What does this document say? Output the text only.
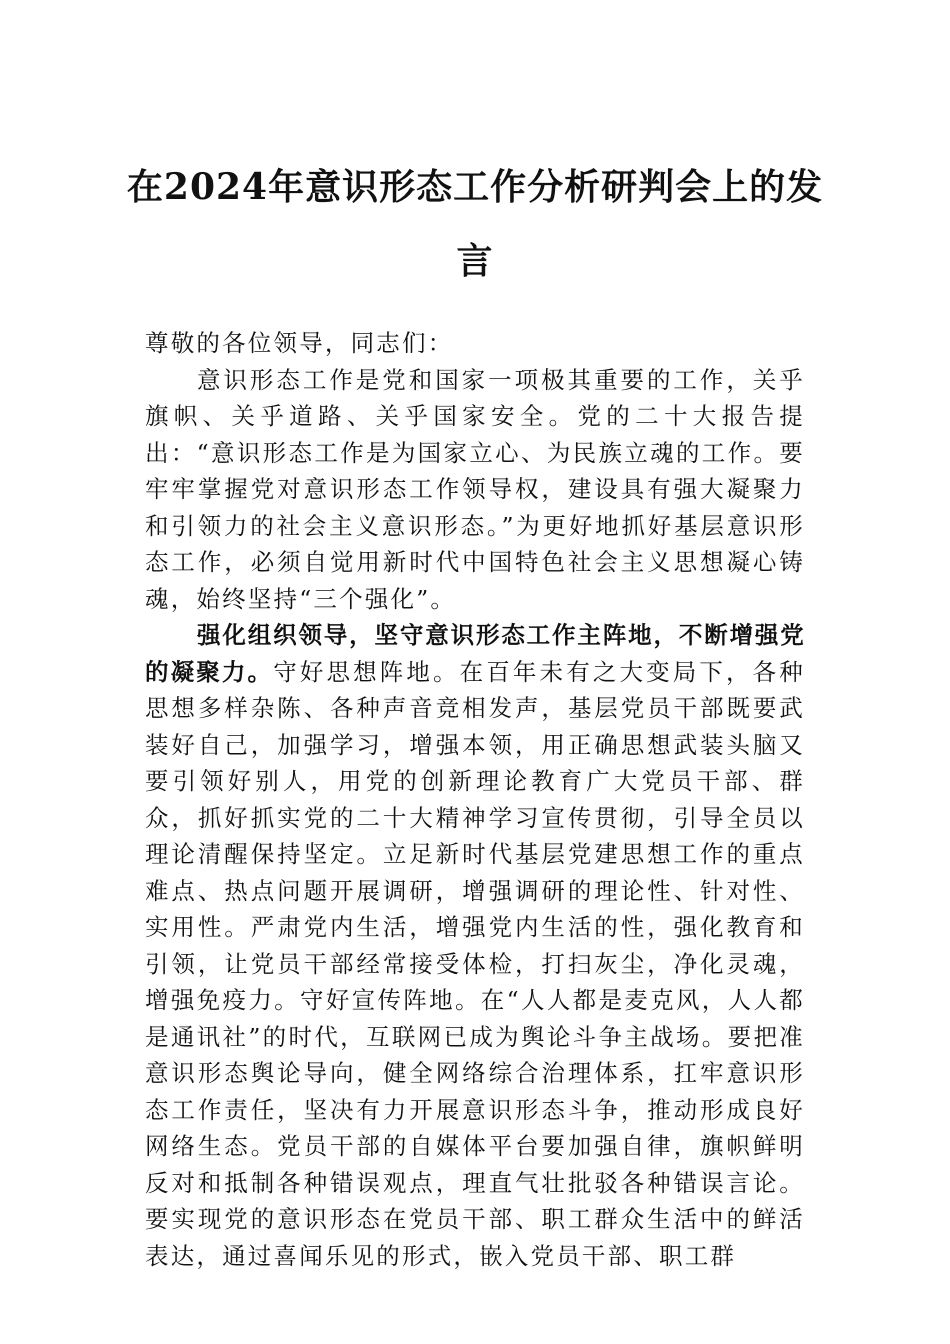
在2024年意识形态工作分析研判会上的发言

尊敬的各位领导，同志们：

意识形态工作是党和国家一项极其重要的工作，关乎旗帜、关乎道路、关乎国家安全。党的二十大报告提出：“意识形态工作是为国家立心、为民族立魂的工作。要牢牢掌握党对意识形态工作领导权，建设具有强大凝聚力和引领力的社会主义意识形态。”为更好地抓好基层意识形态工作，必须自觉用新时代中国特色社会主义思想凝心铸魂，始终坚持“三个强化”。

强化组织领导，坚守意识形态工作主阵地，不断增强党的凝聚力。守好思想阵地。在百年未有之大变局下，各种思想多样杂陈、各种声音竞相发声，基层党员干部既要武装好自己，加强学习，增强本领，用正确思想武装头脑又要引领好别人，用党的创新理论教育广大党员干部、群众，抓好抓实党的二十大精神学习宣传贯彻，引导全员以理论清醒保持坚定。立足新时代基层党建思想工作的重点难点、热点问题开展调研，增强调研的理论性、针对性、实用性。严肃党内生活，增强党内生活的性，强化教育和引领，让党员干部经常接受体检，打扫灰尘，净化灵魂，增强免疫力。守好宣传阵地。在“人人都是麦克风，人人都是通讯社”的时代，互联网已成为舆论斗争主战场。要把准意识形态舆论导向，健全网络综合治理体系，扛牢意识形态工作责任，坚决有力开展意识形态斗争，推动形成良好网络生态。党员干部的自媒体平台要加强自律，旗帜鲜明反对和抵制各种错误观点，理直气壮批驳各种错误言论。要实现党的意识形态在党员干部、职工群众生活中的鲜活表达，通过喜闻乐见的形式，嵌入党员干部、职工群
